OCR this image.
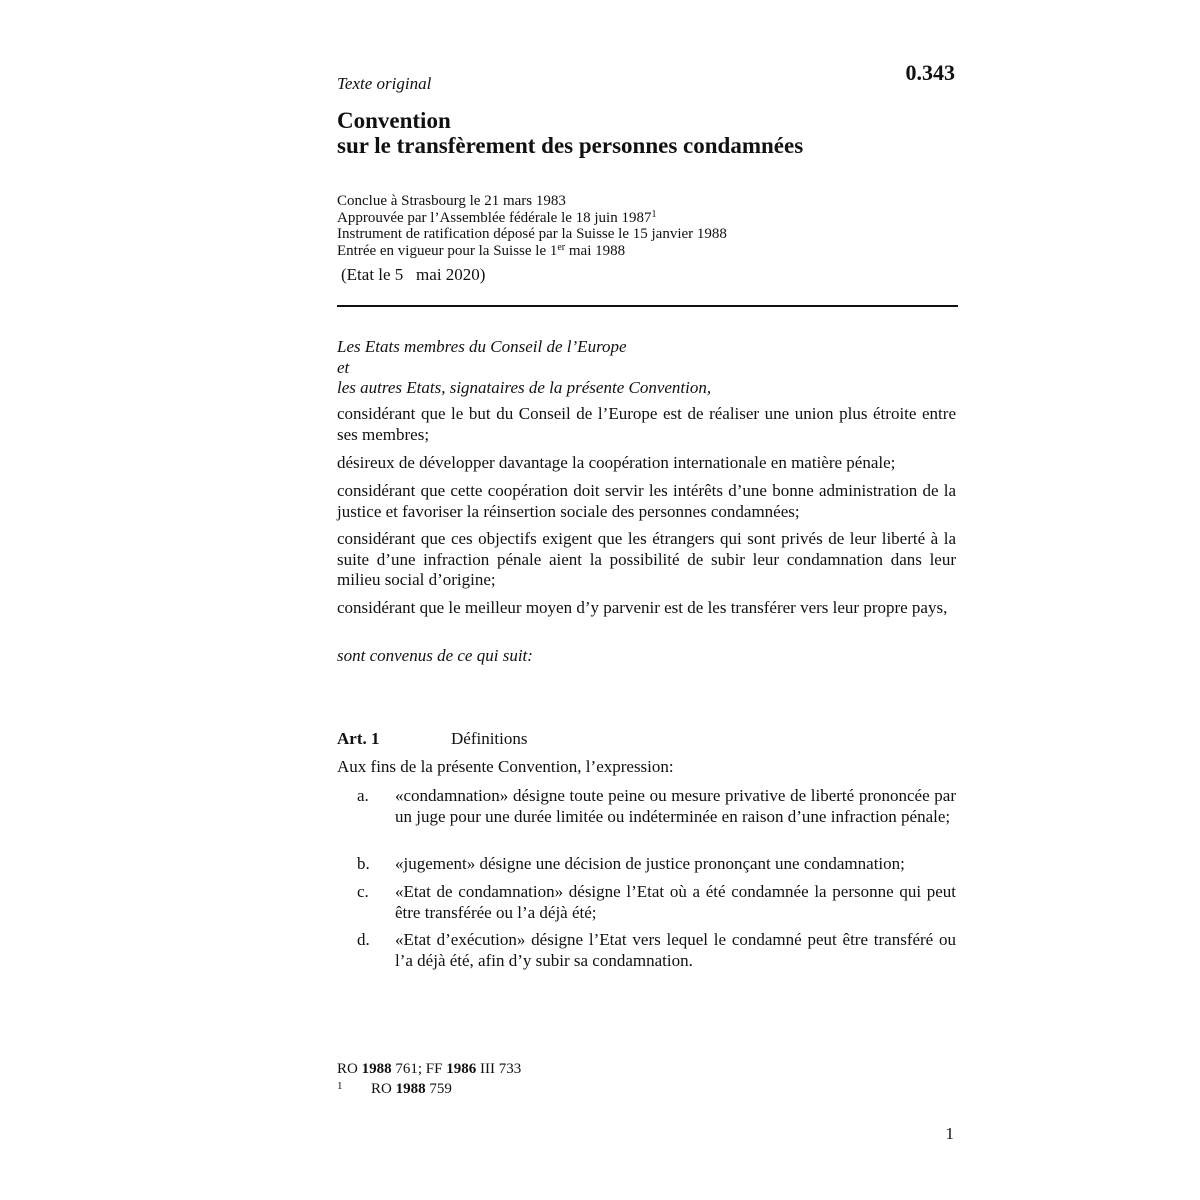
Texte original	0.343
Convention
sur le transfèrement des personnes condamnées
Conclue à Strasbourg le 21 mars 1983
Approuvée par l’Assemblée fédérale le 18 juin 1987$^1$
Instrument de ratification déposé par la Suisse le 15 janvier 1988
Entrée en vigueur pour la Suisse le 1er mai 1988
(Etat le 5   mai 2020)
Les Etats membres du Conseil de l’Europe
et
les autres Etats, signataires de la présente Convention,
considérant que le but du Conseil de l’Europe est de réaliser une union plus étroite entre ses membres;
désireux de développer davantage la coopération internationale en matière pénale;
considérant que cette coopération doit servir les intérêts d’une bonne administration de la justice et favoriser la réinsertion sociale des personnes condamnées;
considérant que ces objectifs exigent que les étrangers qui sont privés de leur liberté à la suite d’une infraction pénale aient la possibilité de subir leur condamnation dans leur milieu social d’origine;
considérant que le meilleur moyen d’y parvenir est de les transférer vers leur propre pays,
sont convenus de ce qui suit:
Art. 1	Définitions
Aux fins de la présente Convention, l’expression:
a.	«condamnation» désigne toute peine ou mesure privative de liberté prononcée par un juge pour une durée limitée ou indéterminée en raison d’une infraction pénale;
b.	«jugement» désigne une décision de justice prononçant une condamnation;
c.	«Etat de condamnation» désigne l’Etat où a été condamnée la personne qui peut être transférée ou l’a déjà été;
d.	«Etat d’exécution» désigne l’Etat vers lequel le condamné peut être transféré ou l’a déjà été, afin d’y subir sa condamnation.
RO 1988 761; FF 1986 III 733
1 RO 1988 759
1
